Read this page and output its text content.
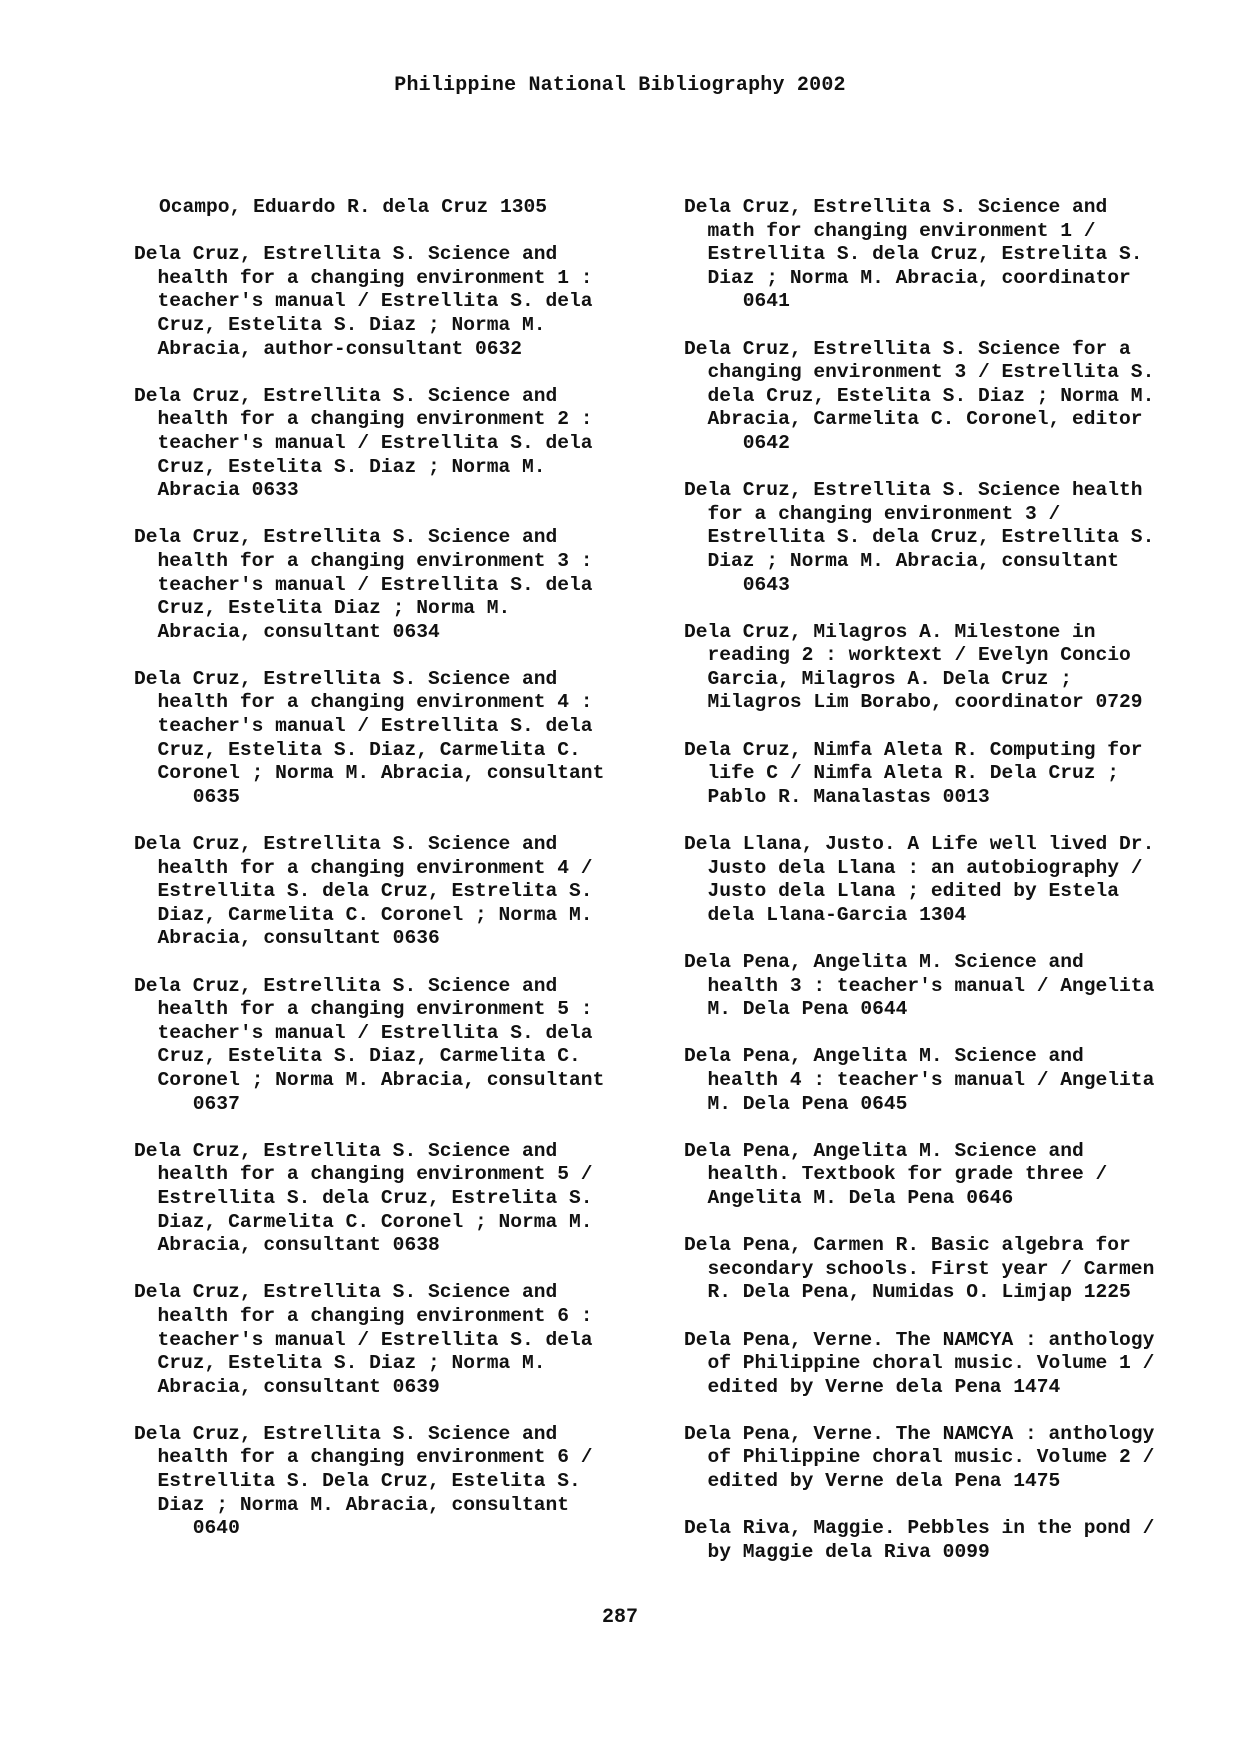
Philippine National Bibliography 2002
Ocampo, Eduardo R. dela Cruz 1305
Dela Cruz, Estrellita S. Science and
health for a changing environment 1 :
teacher's manual / Estrellita S. dela
Cruz, Estelita S. Diaz ; Norma M.
Abracia, author-consultant 0632
Dela Cruz, Estrellita S. Science and
health for a changing environment 2 :
teacher's manual / Estrellita S. dela
Cruz, Estelita S. Diaz ; Norma M.
Abracia 0633
Dela Cruz, Estrellita S. Science and
health for a changing environment 3 :
teacher's manual / Estrellita S. dela
Cruz, Estelita Diaz ; Norma M.
Abracia, consultant 0634
Dela Cruz, Estrellita S. Science and
health for a changing environment 4 :
teacher's manual / Estrellita S. dela
Cruz, Estelita S. Diaz, Carmelita C.
Coronel ; Norma M. Abracia, consultant
0635
Dela Cruz, Estrellita S. Science and
health for a changing environment 4 /
Estrellita S. dela Cruz, Estrelita S.
Diaz, Carmelita C. Coronel ; Norma M.
Abracia, consultant 0636
Dela Cruz, Estrellita S. Science and
health for a changing environment 5 :
teacher's manual / Estrellita S. dela
Cruz, Estelita S. Diaz, Carmelita C.
Coronel ; Norma M. Abracia, consultant
0637
Dela Cruz, Estrellita S. Science and
health for a changing environment 5 /
Estrellita S. dela Cruz, Estrelita S.
Diaz, Carmelita C. Coronel ; Norma M.
Abracia, consultant 0638
Dela Cruz, Estrellita S. Science and
health for a changing environment 6 :
teacher's manual / Estrellita S. dela
Cruz, Estelita S. Diaz ; Norma M.
Abracia, consultant 0639
Dela Cruz, Estrellita S. Science and
health for a changing environment 6 /
Estrellita S. Dela Cruz, Estelita S.
Diaz ; Norma M. Abracia, consultant
0640
Dela Cruz, Estrellita S. Science and
math for changing environment 1 /
Estrellita S. dela Cruz, Estrelita S.
Diaz ; Norma M. Abracia, coordinator
0641
Dela Cruz, Estrellita S. Science for a
changing environment 3 / Estrellita S.
dela Cruz, Estelita S. Diaz ; Norma M.
Abracia, Carmelita C. Coronel, editor
0642
Dela Cruz, Estrellita S. Science health
for a changing environment 3 /
Estrellita S. dela Cruz, Estrellita S.
Diaz ; Norma M. Abracia, consultant
0643
Dela Cruz, Milagros A. Milestone in
reading 2 : worktext / Evelyn Concio
Garcia, Milagros A. Dela Cruz ;
Milagros Lim Borabo, coordinator 0729
Dela Cruz, Nimfa Aleta R. Computing for
life C / Nimfa Aleta R. Dela Cruz ;
Pablo R. Manalastas 0013
Dela Llana, Justo. A Life well lived Dr.
Justo dela Llana : an autobiography /
Justo dela Llana ; edited by Estela
dela Llana-Garcia 1304
Dela Pena, Angelita M. Science and
health 3 : teacher's manual / Angelita
M. Dela Pena 0644
Dela Pena, Angelita M. Science and
health 4 : teacher's manual / Angelita
M. Dela Pena 0645
Dela Pena, Angelita M. Science and
health. Textbook for grade three /
Angelita M. Dela Pena 0646
Dela Pena, Carmen R. Basic algebra for
secondary schools. First year / Carmen
R. Dela Pena, Numidas O. Limjap 1225
Dela Pena, Verne. The NAMCYA : anthology
of Philippine choral music. Volume 1 /
edited by Verne dela Pena 1474
Dela Pena, Verne. The NAMCYA : anthology
of Philippine choral music. Volume 2 /
edited by Verne dela Pena 1475
Dela Riva, Maggie. Pebbles in the pond /
by Maggie dela Riva 0099
287
